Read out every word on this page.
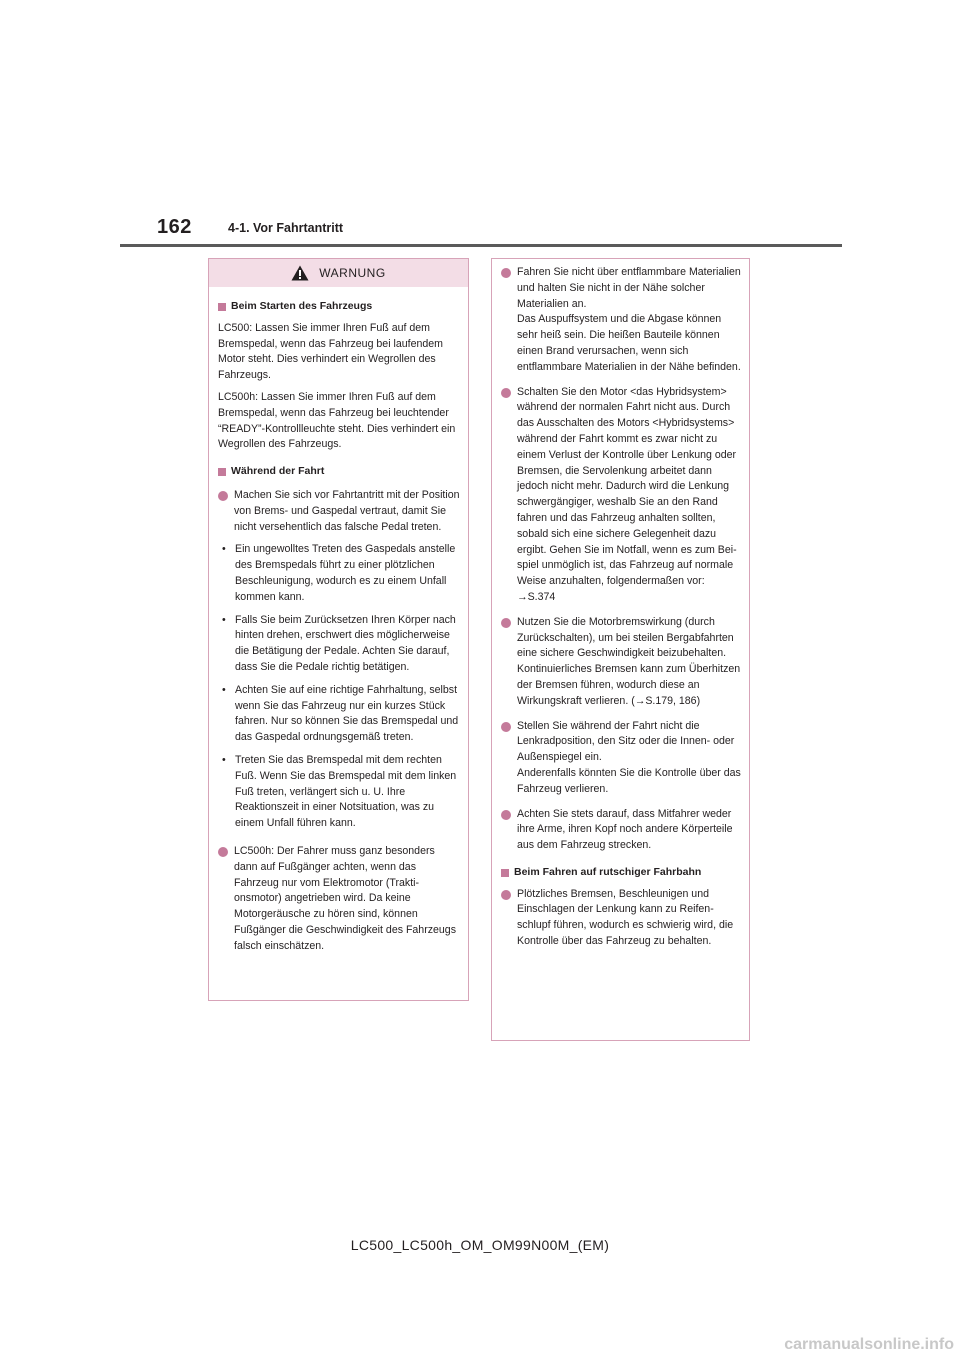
162	4-1. Vor Fahrtantritt
WARNUNG
Beim Starten des Fahrzeugs
LC500: Lassen Sie immer Ihren Fuß auf dem Bremspedal, wenn das Fahrzeug bei laufendem Motor steht. Dies verhindert ein Wegrollen des Fahrzeugs.
LC500h: Lassen Sie immer Ihren Fuß auf dem Bremspedal, wenn das Fahrzeug bei leuchtender “READY”-Kontrollleuchte steht. Dies verhindert ein Wegrollen des Fahrzeugs.
Während der Fahrt
Machen Sie sich vor Fahrtantritt mit der Position von Brems- und Gaspedal vertraut, damit Sie nicht versehentlich das falsche Pedal treten.
• Ein ungewolltes Treten des Gaspedals anstelle des Bremspedals führt zu einer plötzlichen Beschleunigung, wodurch es zu einem Unfall kommen kann.
• Falls Sie beim Zurücksetzen Ihren Körper nach hinten drehen, erschwert dies möglicherweise die Betätigung der Pedale. Achten Sie darauf, dass Sie die Pedale richtig betätigen.
• Achten Sie auf eine richtige Fahrhaltung, selbst wenn Sie das Fahrzeug nur ein kurzes Stück fahren. Nur so können Sie das Bremspedal und das Gaspedal ordnungsgemäß treten.
• Treten Sie das Bremspedal mit dem rechten Fuß. Wenn Sie das Bremspedal mit dem linken Fuß treten, verlängert sich u. U. Ihre Reaktionszeit in einer Notsituation, was zu einem Unfall führen kann.
LC500h: Der Fahrer muss ganz besonders dann auf Fußgänger achten, wenn das Fahrzeug nur vom Elektromotor (Traktionsmotor) angetrieben wird. Da keine Motorgeräusche zu hören sind, können Fußgänger die Geschwindigkeit des Fahrzeugs falsch einschätzen.
Fahren Sie nicht über entflammbare Materialien und halten Sie nicht in der Nähe solcher Materialien an.
Das Auspuffsystem und die Abgase können sehr heiß sein. Die heißen Bauteile können einen Brand verursachen, wenn sich entflammbare Materialien in der Nähe befinden.
Schalten Sie den Motor <das Hybridsystem> während der normalen Fahrt nicht aus. Durch das Ausschalten des Motors <Hybridsystems> während der Fahrt kommt es zwar nicht zu einem Verlust der Kontrolle über Lenkung oder Bremsen, die Servolenkung arbeitet dann jedoch nicht mehr. Dadurch wird die Lenkung schwergängiger, weshalb Sie an den Rand fahren und das Fahrzeug anhalten sollten, sobald sich eine sichere Gelegenheit dazu ergibt. Gehen Sie im Notfall, wenn es zum Beispiel unmöglich ist, das Fahrzeug auf normale Weise anzuhalten, folgendermaßen vor: →S.374
Nutzen Sie die Motorbremswirkung (durch Zurückschalten), um bei steilen Bergabfahrten eine sichere Geschwindigkeit beizubehalten.
Kontinuierliches Bremsen kann zum Überhitzen der Bremsen führen, wodurch diese an Wirkungskraft verlieren. (→S.179, 186)
Stellen Sie während der Fahrt nicht die Lenkradposition, den Sitz oder die Innen- oder Außenspiegel ein.
Anderenfalls könnten Sie die Kontrolle über das Fahrzeug verlieren.
Achten Sie stets darauf, dass Mitfahrer weder ihre Arme, ihren Kopf noch andere Körperteile aus dem Fahrzeug strecken.
Beim Fahren auf rutschiger Fahrbahn
Plötzliches Bremsen, Beschleunigen und Einschlagen der Lenkung kann zu Reifenschlupf führen, wodurch es schwierig wird, die Kontrolle über das Fahrzeug zu behalten.
LC500_LC500h_OM_OM99N00M_(EM)
carmanualsonline.info
